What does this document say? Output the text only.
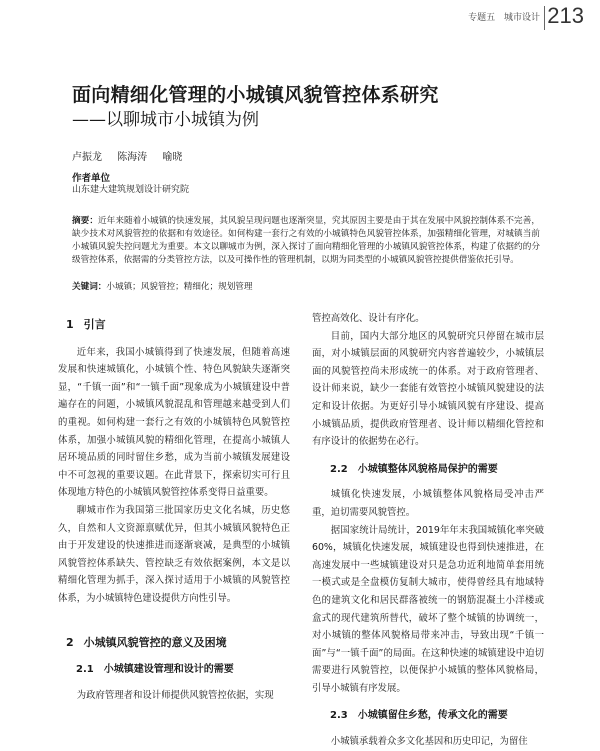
专题五 城市设计 213
面向精细化管理的小城镇风貌管控体系研究
——以聊城市小城镇为例
卢振龙 陈海涛 喻晓
作者单位
山东建大建筑规划设计研究院
摘要：近年来随着小城镇的快速发展，其风貌呈现问题也逐渐突显，究其原因主要是由于其在发展中风貌控制体系不完善，缺少技术对风貌管控的依据和有效途径。如何构建一套行之有效的小城镇特色风貌管控体系，加强精细化管理，对城镇当前小城镇风貌失控问题尤为重要。本文以聊城市为例，深入探讨了面向精细化管理的小城镇风貌管控体系，构建了依据约的分级管控体系，依据需的分类管控方法，以及可操作性的管理机制，以期为同类型的小城镇风貌管控提供借鉴依托引导。
关键词：小城镇；风貌管控；精细化；规划管理
1 引言

近年来，我国小城镇得到了快速发展，但随着高速发展和快速城镇化，小城镇个性、特色风貌缺失逐渐突显，“千镇一面”和“一镇千面”现象成为小城镇建设中普遍存在的问题，小城镇风貌混乱和管理越来越受到人们的重视。如何构建一套行之有效的小城镇特色风貌管控体系，加强小城镇风貌的精细化管理，在提高小城镇人居环境品质的同时留住乡愁，成为当前小城镇发展建设中不可忽视的重要议题。在此背景下，探索切实可行且体现地方特色的小城镇风貌管控体系变得日益重要。

聊城市作为我国第三批国家历史文化名城，历史悠久，自然和人文资源禀赋优异，但其小城镇风貌特色正由于开发建设的快速推进而逐渐衰减，是典型的小城镇风貌管控体系缺失、管控缺乏有效依据案例，本文是以精细化管理为抓手，深入探讨适用于小城镇的风貌管控体系，为小城镇特色建设提供方向性引导。

2 小城镇风貌管控的意义及困境
2.1 小城镇建设管理和设计的需要

为政府管理者和设计师提供风貌管控依据，实现

管控高效化、设计有序化。

目前，国内大部分地区的风貌研究只停留在城市层面，对小城镇层面的风貌研究内容普遍较少，小城镇层面的风貌管控尚未形成统一的体系。对于政府管理者、设计师来说，缺少一套能有效管控小城镇风貌建设的法定和设计依据。为更好引导小城镇风貌有序建设、提高小城镇品质，提供政府管理者、设计师以精细化管控和有序设计的依据势在必行。

2.2 小城镇整体风貌格局保护的需要

城镇化快速发展，小城镇整体风貌格局受冲击严重，迫切需要风貌管控。

据国家统计局统计，2019年年末我国城镇化率突破60%，城镇化快速发展，城镇建设也得到快速推进，在高速发展中一些城镇建设对只是急功近利地简单套用统一模式或是全盘模仿复制大城市，使得曾经具有地域特色的建筑文化和居民群落被统一的钢筋混凝土小洋楼或盒式的现代建筑所替代，破坏了整个城镇的协调统一，对小城镇的整体风貌格局带来冲击，导致出现“千镇一面”与“一镇千面”的局面。在这种快速的城镇建设中迫切需要进行风貌管控，以便保护小城镇的整体风貌格局，引导小城镇有序发展。

2.3 小城镇留住乡愁，传承文化的需要

小城镇承载着众多文化基因和历史印记，为留住
